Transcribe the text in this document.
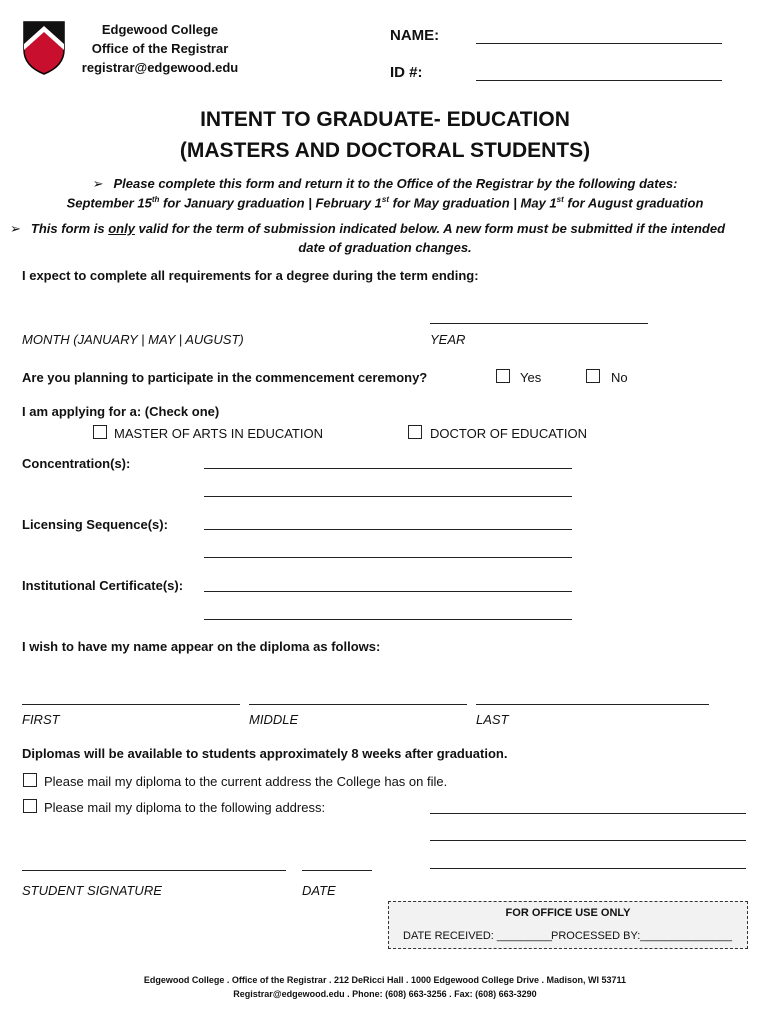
Edgewood College
Office of the Registrar
registrar@edgewood.edu
NAME:
ID #:
INTENT TO GRADUATE- EDUCATION
(MASTERS AND DOCTORAL STUDENTS)
➢ Please complete this form and return it to the Office of the Registrar by the following dates:
September 15th for January graduation | February 1st for May graduation | May 1st for August graduation
➢ This form is only valid for the term of submission indicated below. A new form must be submitted if the intended
date of graduation changes.
I expect to complete all requirements for a degree during the term ending:
MONTH (JANUARY | MAY | AUGUST)	YEAR
Are you planning to participate in the commencement ceremony?	Yes	No
I am applying for a: (Check one)
MASTER OF ARTS IN EDUCATION	DOCTOR OF EDUCATION
Concentration(s):
Licensing Sequence(s):
Institutional Certificate(s):
I wish to have my name appear on the diploma as follows:
FIRST	MIDDLE	LAST
Diplomas will be available to students approximately 8 weeks after graduation.
Please mail my diploma to the current address the College has on file.
Please mail my diploma to the following address:
STUDENT SIGNATURE	DATE
FOR OFFICE USE ONLY
DATE RECEIVED: _________ PROCESSED BY:_______________
Edgewood College . Office of the Registrar . 212 DeRicci Hall . 1000 Edgewood College Drive . Madison, WI 53711
Registrar@edgewood.edu . Phone: (608) 663-3256 . Fax: (608) 663-3290
